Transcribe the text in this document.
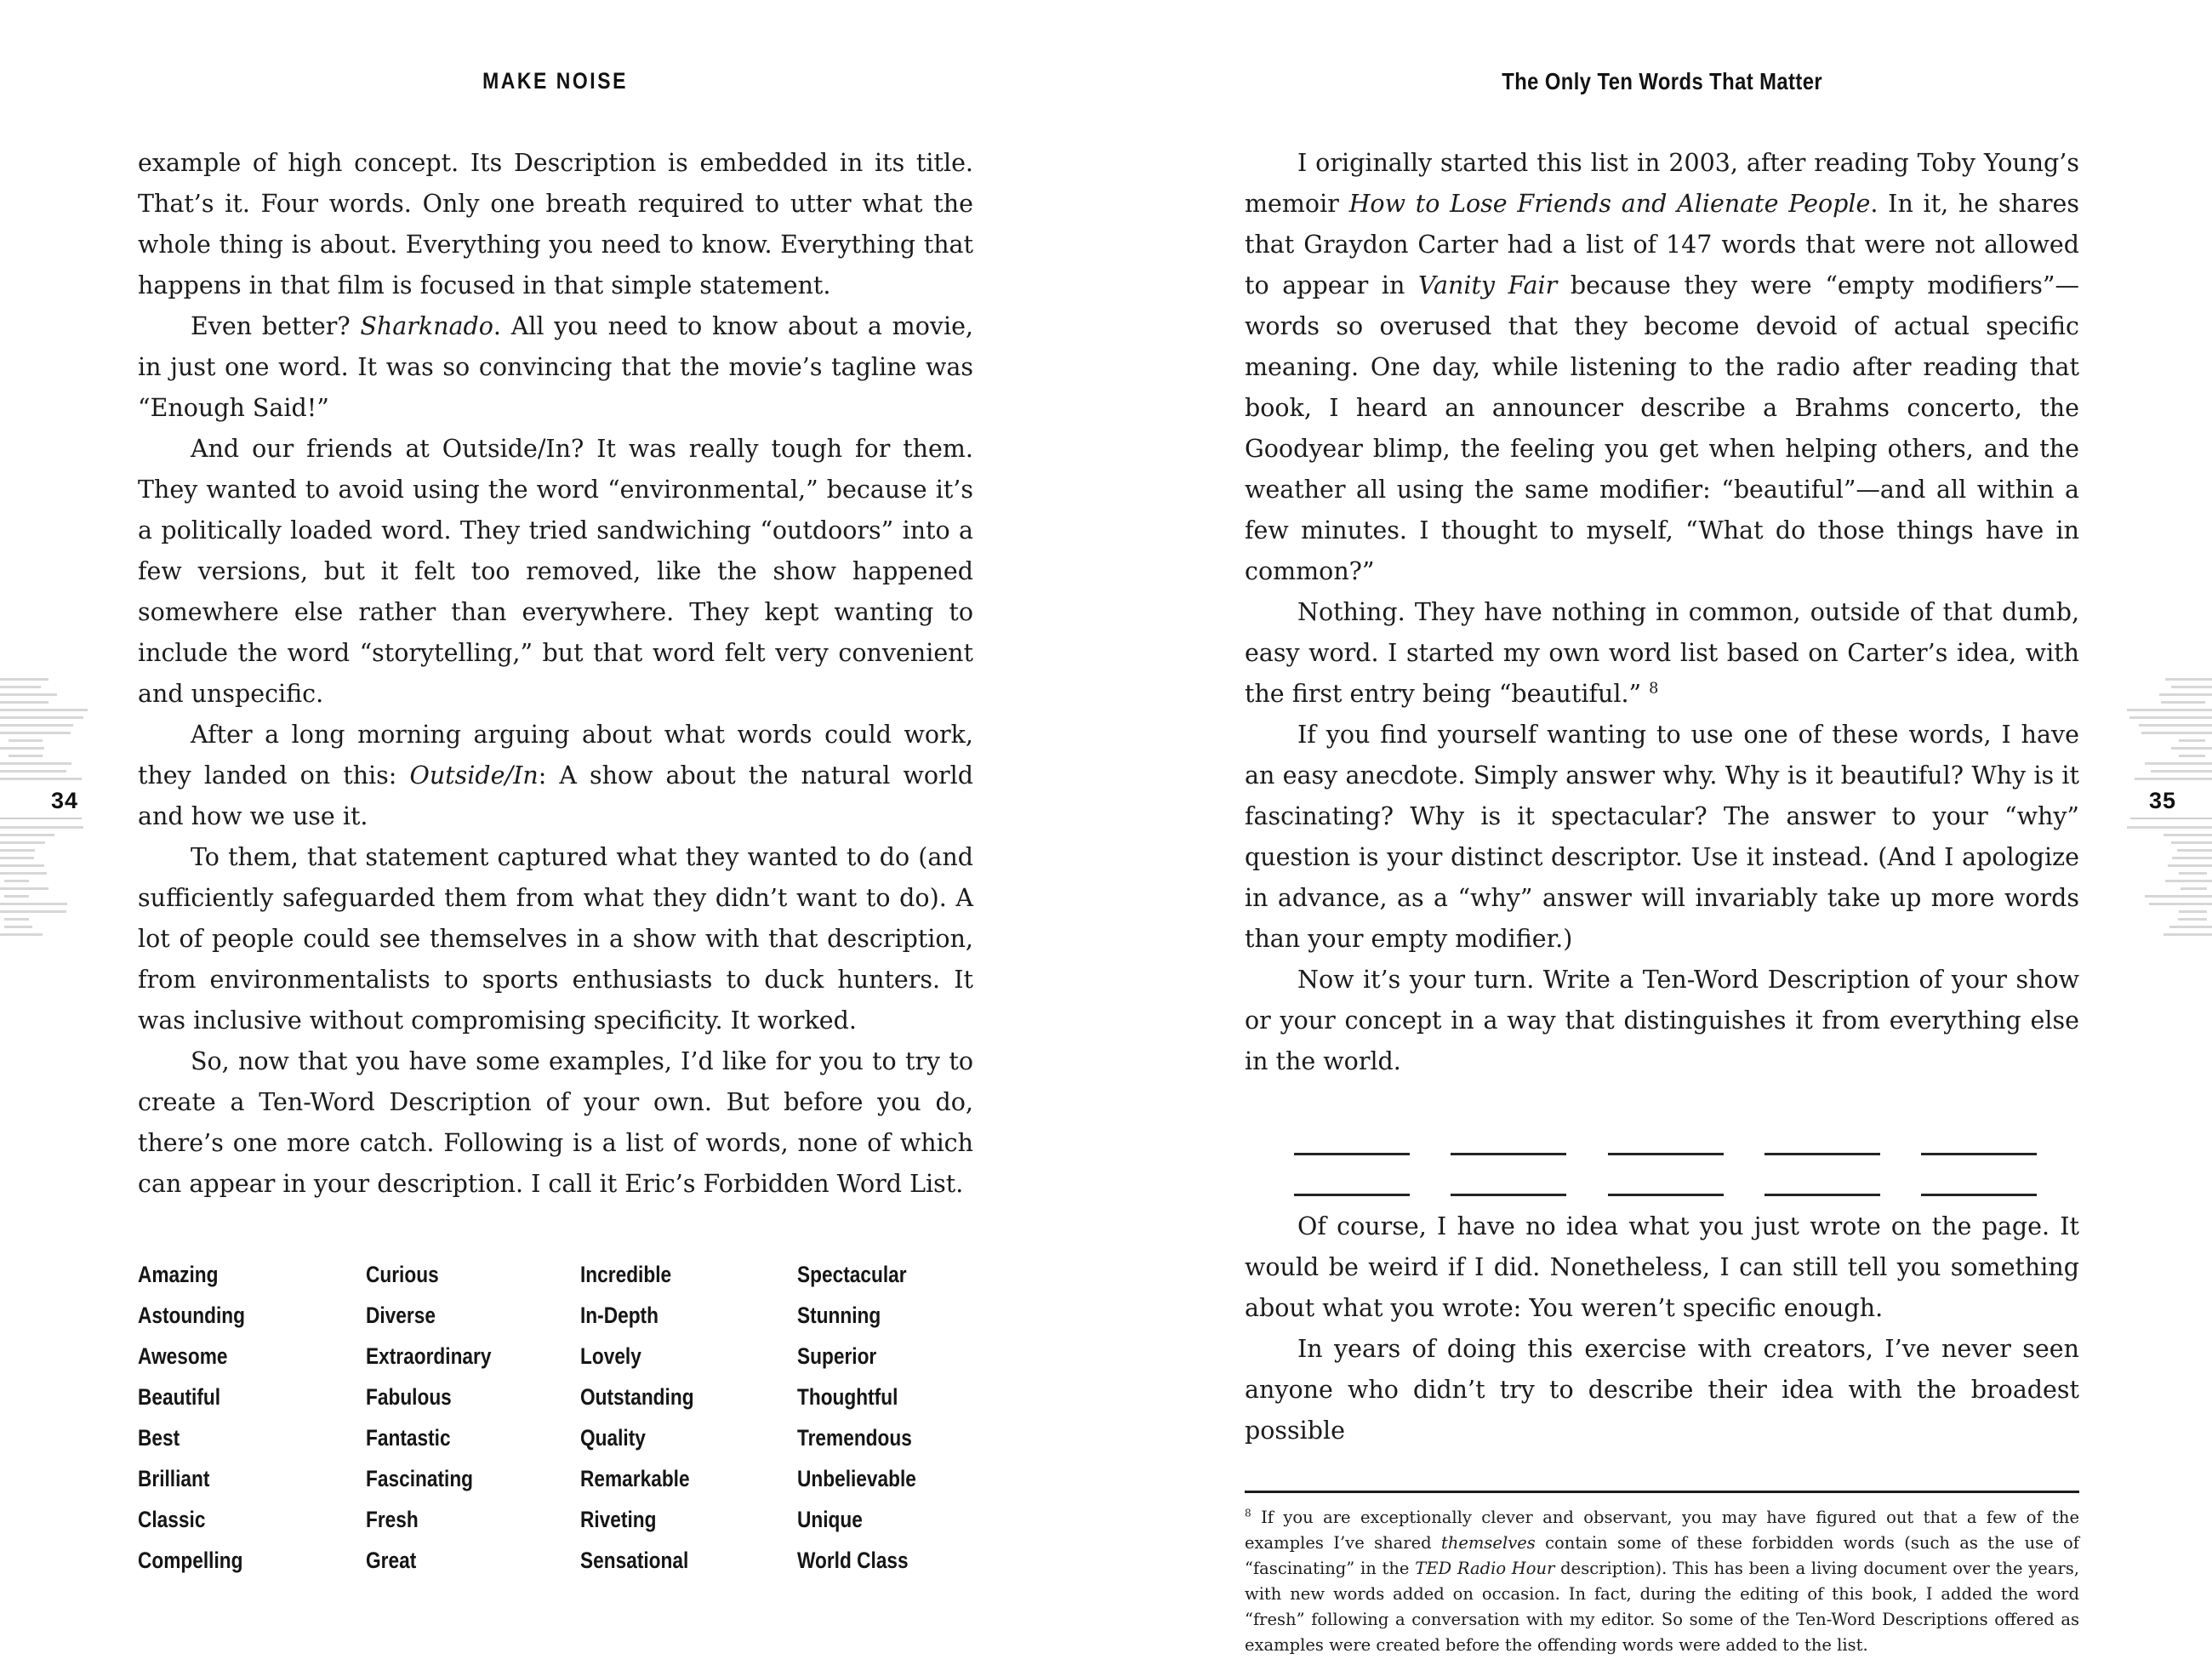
34	35
MAKE NOISE

example of high concept. Its Description is embedded in its title. That’s it. Four words. Only one breath required to utter what the whole thing is about. Everything you need to know. Everything that happens in that film is focused in that simple statement.

Even better? Sharknado. All you need to know about a movie, in just one word. It was so convincing that the movie’s tagline was “Enough Said!”

And our friends at Outside/In? It was really tough for them. They wanted to avoid using the word “environmental,” because it’s a politically loaded word. They tried sandwiching “outdoors” into a few versions, but it felt too removed, like the show happened somewhere else rather than everywhere. They kept wanting to include the word “storytelling,” but that word felt very convenient and unspecific.

After a long morning arguing about what words could work, they landed on this: Outside/In: A show about the natural world and how we use it.

To them, that statement captured what they wanted to do (and sufficiently safeguarded them from what they didn’t want to do). A lot of people could see themselves in a show with that description, from environmentalists to sports enthusiasts to duck hunters. It was inclusive without compromising specificity. It worked.

So, now that you have some examples, I’d like for you to try to create a Ten-Word Description of your own. But before you do, there’s one more catch. Following is a list of words, none of which can appear in your description. I call it Eric’s Forbidden Word List.

Amazing
Astounding
Awesome
Beautiful
Best
Brilliant
Classic
Compelling
Curious
Diverse
Extraordinary
Fabulous
Fantastic
Fascinating
Fresh
Great
Incredible
In-Depth
Lovely
Outstanding
Quality
Remarkable
Riveting
Sensational
Spectacular
Stunning
Superior
Thoughtful
Tremendous
Unbelievable
Unique
World Class
The Only Ten Words That Matter

I originally started this list in 2003, after reading Toby Young’s memoir How to Lose Friends and Alienate People. In it, he shares that Graydon Carter had a list of 147 words that were not allowed to appear in Vanity Fair because they were “empty modifiers”—words so overused that they become devoid of actual specific meaning. One day, while listening to the radio after reading that book, I heard an announcer describe a Brahms concerto, the Goodyear blimp, the feeling you get when helping others, and the weather all using the same modifier: “beautiful”—and all within a few minutes. I thought to myself, “What do those things have in common?”

Nothing. They have nothing in common, outside of that dumb, easy word. I started my own word list based on Carter’s idea, with the first entry being “beautiful.” $^8$

If you find yourself wanting to use one of these words, I have an easy anecdote. Simply answer why. Why is it beautiful? Why is it fascinating? Why is it spectacular? The answer to your “why” question is your distinct descriptor. Use it instead. (And I apologize in advance, as a “why” answer will invariably take up more words than your empty modifier.)

Now it’s your turn. Write a Ten-Word Description of your show or your concept in a way that distinguishes it from everything else in the world.

Of course, I have no idea what you just wrote on the page. It would be weird if I did. Nonetheless, I can still tell you something about what you wrote: You weren’t specific enough.

In years of doing this exercise with creators, I’ve never seen anyone who didn’t try to describe their idea with the broadest possible

$^8$ If you are exceptionally clever and observant, you may have figured out that a few of the examples I’ve shared themselves contain some of these forbidden words (such as the use of “fascinating” in the TED Radio Hour description). This has been a living document over the years, with new words added on occasion. In fact, during the editing of this book, I added the word “fresh” following a conversation with my editor. So some of the Ten-Word Descriptions offered as examples were created before the offending words were added to the list.
